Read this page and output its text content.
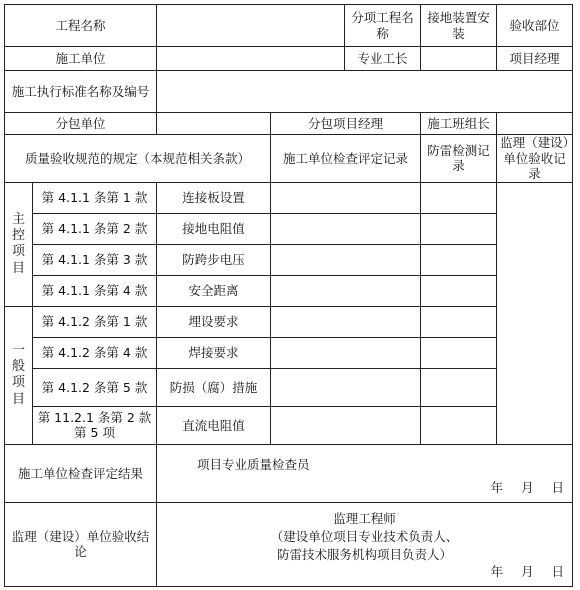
工程名称				分项工程名称	接地装置安装	验收部位
施工单位				专业工长		项目经理
施工执行标准名称及编号						
分包单位			分包项目经理		施工班组长	
质量验收规范的规定（本规范相关条款）			施工单位检查评定记录		防雷检测记录	监理（建设）单位验收记录

主
控
项
目	第 4.1.1 条第 1 款	连接板设置				
	第 4.1.1 条第 2 款	接地电阻值				
	第 4.1.1 条第 3 款	防跨步电压				
	第 4.1.1 条第 4 款	安全距离				

一
般
项
目	第 4.1.2 条第 1 款	埋设要求				
	第 4.1.2 条第 4 款	焊接要求				
	第 4.1.2 条第 5 款	防损（腐）措施				
	第 11.2.1 条第 2 款第 5 项	直流电阻值				
施工单位检查评定结果		项目专业质量检查员
年 月 日				

监理（建设）单位验收结论		监理工程师
（建设单位项目专业技术负责人、
防雷技术服务机构项目负责人）
年 月 日				
